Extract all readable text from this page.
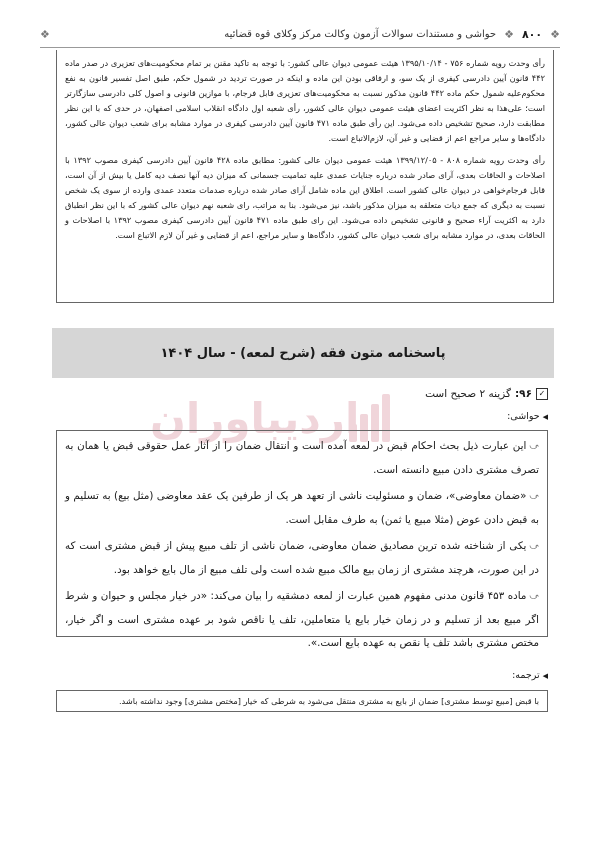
❖
۸۰۰
❖
حواشی و مستندات سوالات آزمون وکالت مرکز وکلای قوه قضائیه
❖

رأی وحدت رویه شماره ۷۵۶ - ۱۳۹۵/۱۰/۱۴ هیئت عمومی دیوان عالی کشور: با توجه به تاکید مقنن بر تمام محکومیت‌های تعزیری در صدر ماده ۴۴۲ قانون آیین دادرسی کیفری از یک سو، و ارفاقی بودن این ماده و اینکه در صورت تردید در شمول حکم، طبق اصل تفسیر قانون به نفع محکوم‌علیه شمول حکم ماده ۴۴۲ قانون مذکور نسبت به محکومیت‌های تعزیری قابل فرجام، با موازین قانونی و اصول کلی دادرسی سازگارتر است؛ علی‌هذا به نظر اکثریت اعضای هیئت عمومی دیوان عالی کشور، رأی شعبه اول دادگاه انقلاب اسلامی اصفهان، در حدی که با این نظر مطابقت دارد، صحیح تشخیص داده می‌شود. این رأی طبق ماده ۴۷۱ قانون آیین دادرسی کیفری در موارد مشابه برای شعب دیوان عالی کشور، دادگاه‌ها و سایر مراجع اعم از قضایی و غیر آن، لازم‌الاتباع است.

رأی وحدت رویه شماره ۸۰۸ - ۱۳۹۹/۱۲/۰۵ هیئت عمومی دیوان عالی کشور: مطابق ماده ۴۲۸ قانون آیین دادرسی کیفری مصوب ۱۳۹۲ با اصلاحات و الحاقات بعدی، آرای صادر شده درباره جنایات عمدی علیه تمامیت جسمانی که میزان دیه آنها نصف دیه کامل یا بیش از آن است، قابل فرجام‌خواهی در دیوان عالی کشور است. اطلاق این ماده شامل آرای صادر شده درباره صدمات متعدد عمدی وارده از سوی یک شخص نسبت به دیگری که جمع دیات متعلقه به میزان مذکور باشد، نیز می‌شود. بنا به مراتب، رای شعبه نهم دیوان عالی کشور که با این نظر انطباق دارد به اکثریت آراء صحیح و قانونی تشخیص داده می‌شود. این رای طبق ماده ۴۷۱ قانون آیین دادرسی کیفری مصوب ۱۳۹۲ با اصلاحات و الحاقات بعدی، در موارد مشابه برای شعب دیوان عالی کشور، دادگاه‌ها و سایر مراجع، اعم از قضایی و غیر آن لازم الاتباع است.

پاسخنامه متون فقه (شرح لمعه) - سال ۱۴۰۴
اردیباوران	✓
۹۶:
گزینه ۲ صحیح است
◀
حواشی:

⤻این عبارت ذیل بحث احکام قبض در لمعه آمده است و انتقال ضمان را از آثار عمل حقوقی قبض یا همان به تصرف مشتری دادن مبیع دانسته است.

⤻«ضمان معاوضی»، ضمان و مسئولیت ناشی از تعهد هر یک از طرفین یک عقد معاوضی (مثل بیع) به تسلیم و به قبض دادن عوض (مثلا مبیع یا ثمن) به طرف مقابل است.

⤻یکی از شناخته شده ترین مصادیق ضمان معاوضی، ضمان ناشی از تلف مبیع پیش از قبض مشتری است که در این صورت، هرچند مشتری از زمان بیع مالک مبیع شده است ولی تلف مبیع از مال بایع خواهد بود.

⤻ماده ۴۵۳ قانون مدنی مفهوم همین عبارت از لمعه دمشقیه را بیان می‌کند: «در خیار مجلس و حیوان و شرط اگر مبیع بعد از تسلیم و در زمان خیار بایع یا متعاملین، تلف یا ناقص شود بر عهده مشتری است و اگر خیار، مختص مشتری باشد تلف یا نقص به عهده بایع است.».

◀
ترجمه:

با قبض [مبیع توسط مشتری] ضمان از بایع به مشتری منتقل می‌شود به شرطی که خیار [مختص مشتری] وجود نداشته باشد.
